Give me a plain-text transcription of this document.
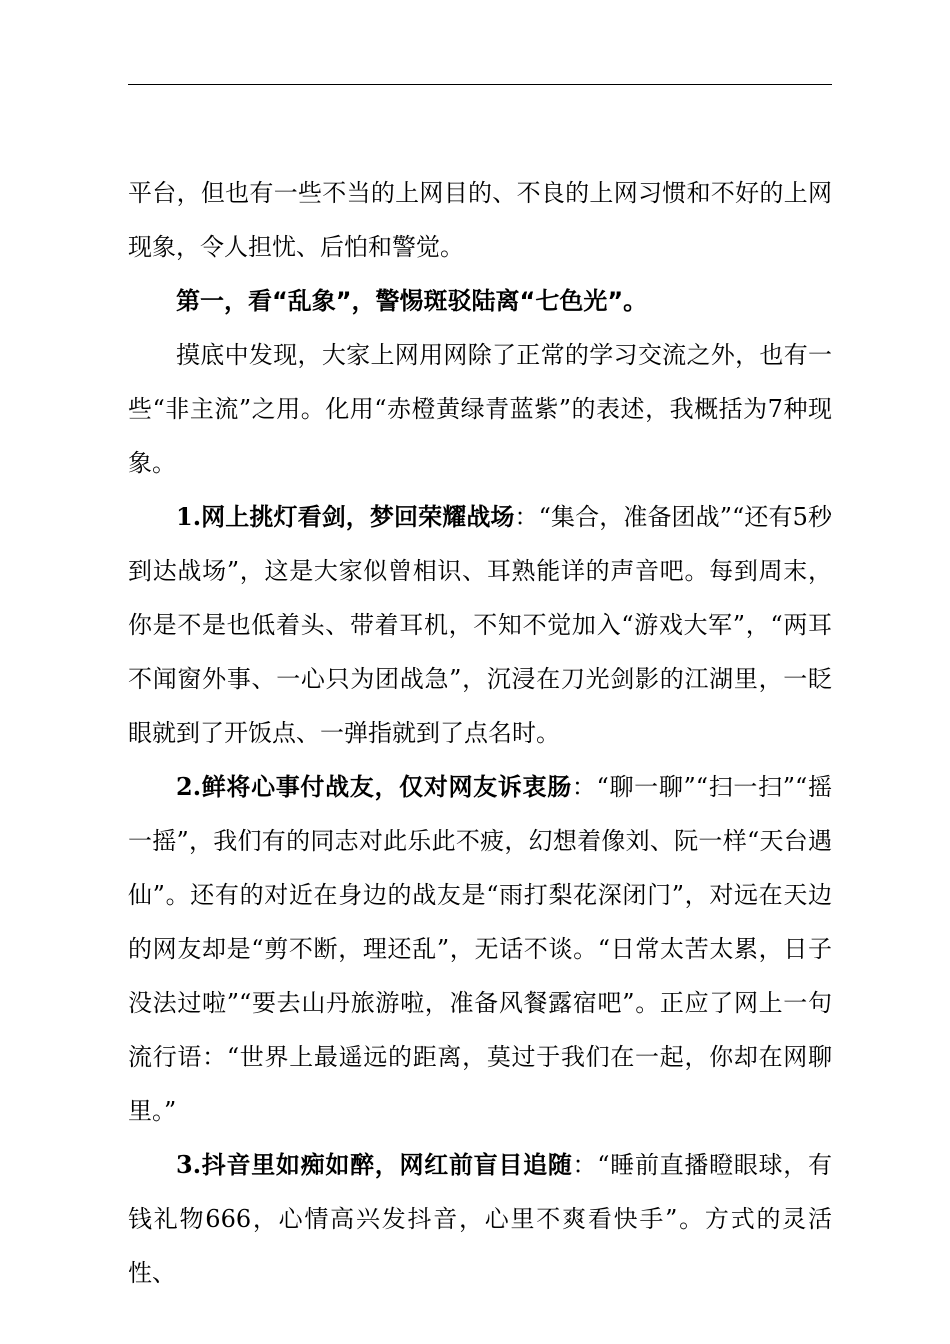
平台，但也有一些不当的上网目的、不良的上网习惯和不好的上网现象，令人担忧、后怕和警觉。

第一，看“乱象”，警惕斑驳陆离“七色光”。

摸底中发现，大家上网用网除了正常的学习交流之外，也有一些“非主流”之用。化用“赤橙黄绿青蓝紫”的表述，我概括为7种现象。

1.网上挑灯看剑，梦回荣耀战场：“集合，准备团战”“还有5秒到达战场”，这是大家似曾相识、耳熟能详的声音吧。每到周末，你是不是也低着头、带着耳机，不知不觉加入“游戏大军”，“两耳不闻窗外事、一心只为团战急”，沉浸在刀光剑影的江湖里，一眨眼就到了开饭点、一弹指就到了点名时。

2.鲜将心事付战友，仅对网友诉衷肠：“聊一聊”“扫一扫”“摇一摇”，我们有的同志对此乐此不疲，幻想着像刘、阮一样“天台遇仙”。还有的对近在身边的战友是“雨打梨花深闭门”，对远在天边的网友却是“剪不断，理还乱”，无话不谈。“日常太苦太累，日子没法过啦”“要去山丹旅游啦，准备风餐露宿吧”。正应了网上一句流行语：“世界上最遥远的距离，莫过于我们在一起，你却在网聊里。”

3.抖音里如痴如醉，网红前盲目追随：“睡前直播瞪眼球，有钱礼物666，心情高兴发抖音，心里不爽看快手”。方式的灵活性、
